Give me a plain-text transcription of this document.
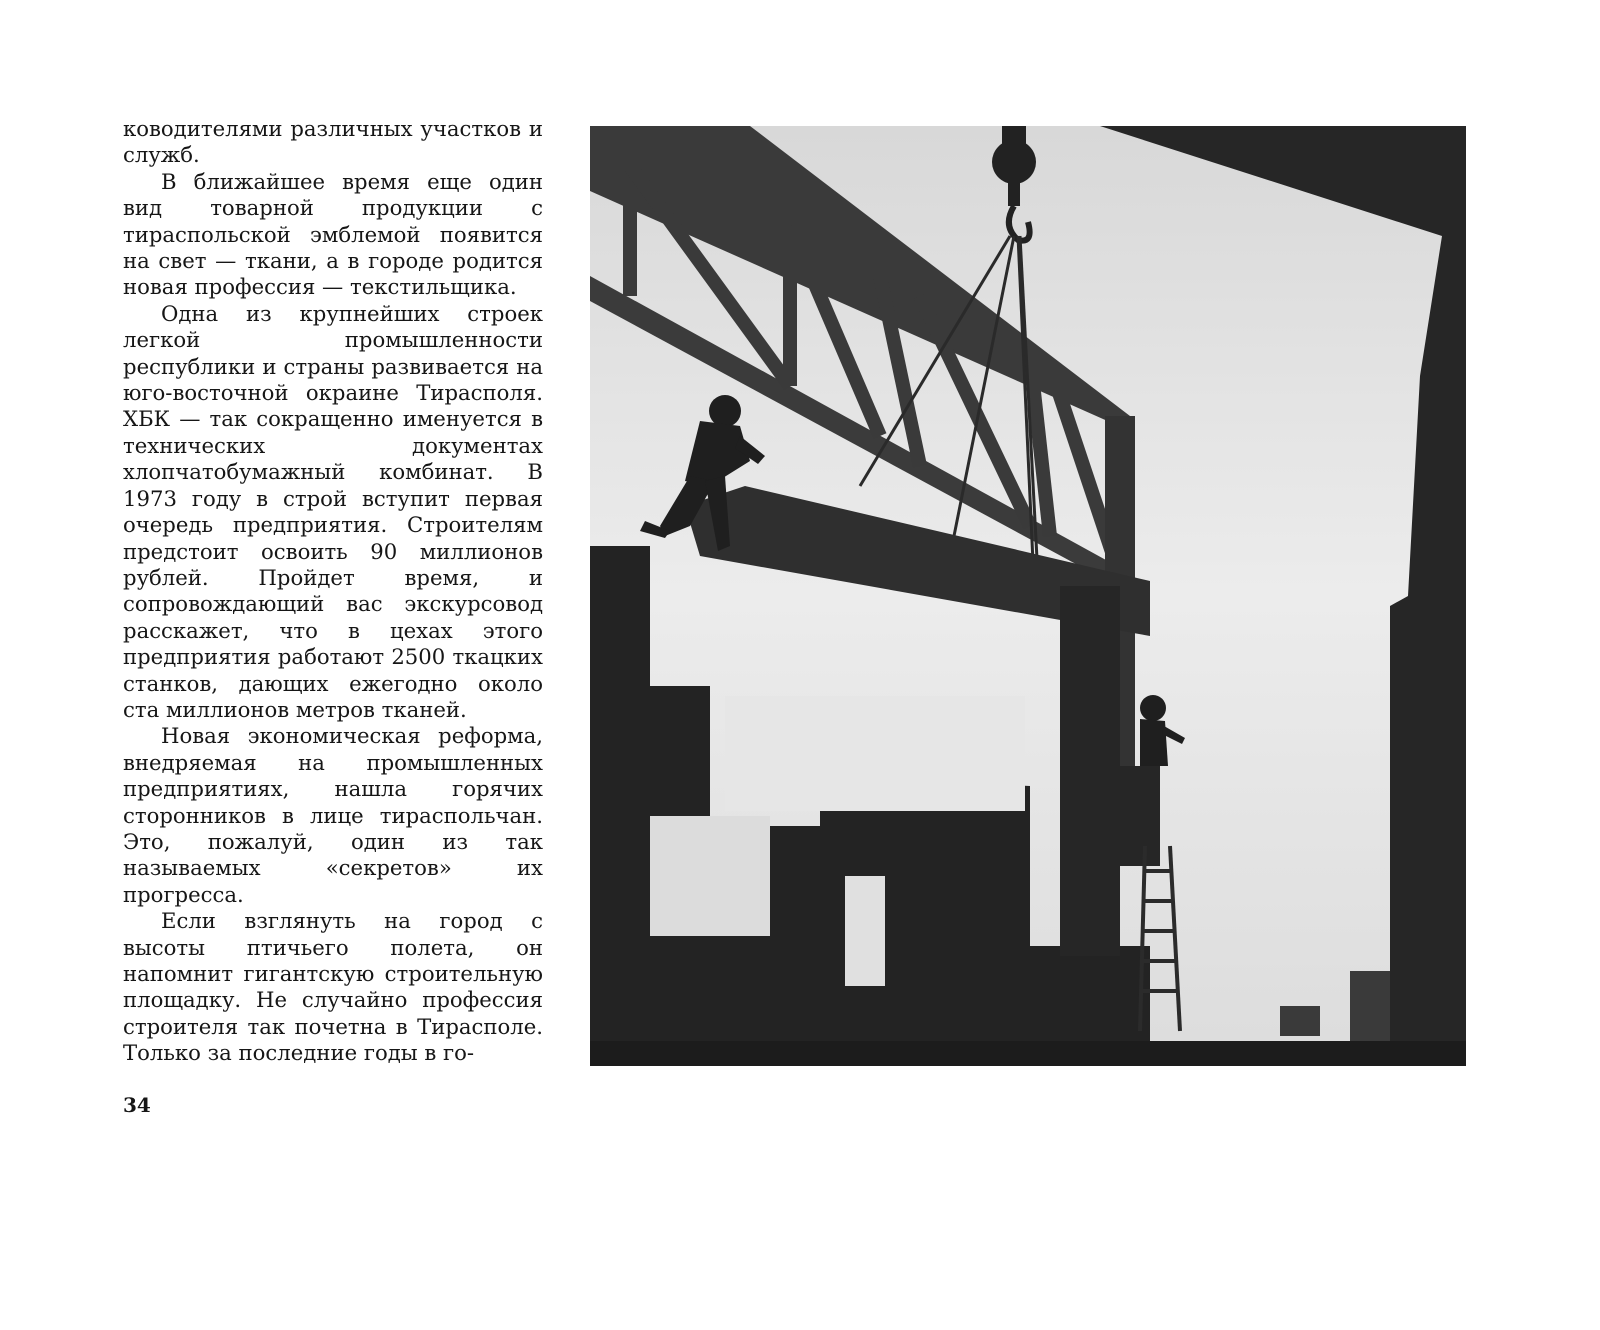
ководителями различных участков и служб.

В ближайшее время еще один вид товарной продукции с тираспольской эмблемой появится на свет — ткани, а в городе родится новая профессия — текстильщика.

Одна из крупнейших строек легкой промышленности республики и страны развивается на юго-восточной окраине Тирасполя. ХБК — так сокращенно именуется в технических документах хлопчатобумажный комбинат. В 1973 году в строй вступит первая очередь предприятия. Строителям предстоит освоить 90 миллионов рублей. Пройдет время, и сопровождающий вас экскурсовод расскажет, что в цехах этого предприятия работают 2500 ткацких станков, дающих ежегодно около ста миллионов метров тканей.

Новая экономическая реформа, внедряемая на промышленных предприятиях, нашла горячих сторонников в лице тираспольчан. Это, пожалуй, один из так называемых «секретов» их прогресса.

Если взглянуть на город с высоты птичьего полета, он напомнит гигантскую строительную площадку. Не случайно профессия строителя так почетна в Тирасполе. Только за последние годы в го-

34
